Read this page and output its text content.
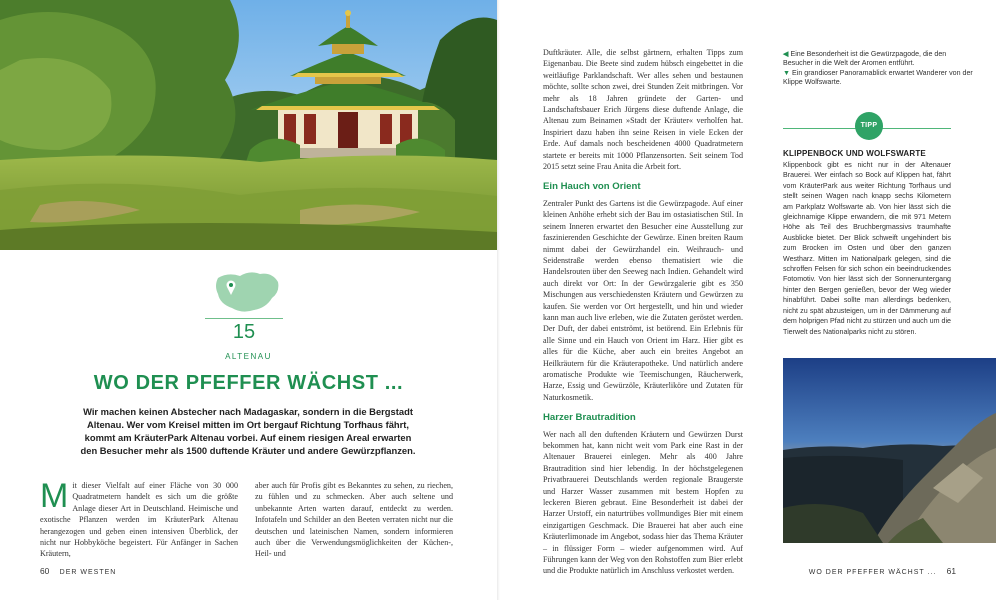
15
ALTENAU
WO DER PFEFFER WÄCHST ...
Wir machen keinen Abstecher nach Madagaskar, sondern in die Bergstadt Altenau. Wer vom Kreisel mitten im Ort bergauf Richtung Torfhaus fährt, kommt am KräuterPark Altenau vorbei. Auf einem riesigen Areal erwarten den Besucher mehr als 1500 duftende Kräuter und andere Gewürzpflanzen.

Mit dieser Vielfalt auf einer Fläche von 30 000 Quadratmetern handelt es sich um die größte Anlage dieser Art in Deutschland. Heimische und exotische Pflanzen werden im KräuterPark Altenau herangezogen und geben einen intensiven Überblick, der nicht nur Hobbyköche begeistert. Für Anfänger in Sachen Kräutern,

aber auch für Profis gibt es Bekanntes zu sehen, zu riechen, zu fühlen und zu schmecken. Aber auch seltene und unbekannte Arten warten darauf, entdeckt zu werden. Infotafeln und Schilder an den Beeten verraten nicht nur die deutschen und lateinischen Namen, sondern informieren auch über die Verwendungsmöglichkeiten der Küchen-, Heil- und

60 DER WESTEN

Duftkräuter. Alle, die selbst gärtnern, erhalten Tipps zum Eigenanbau. Die Beete sind zudem hübsch eingebettet in die weitläufige Parklandschaft. Wer alles sehen und bestaunen möchte, sollte schon zwei, drei Stunden Zeit mitbringen. Vor mehr als 18 Jahren gründete der Garten- und Landschaftsbauer Erich Jürgens diese duftende Anlage, die Altenau zum Beinamen »Stadt der Kräuter« verholfen hat. Inspiriert dazu haben ihn seine Reisen in viele Ecken der Erde. Auf damals noch bescheidenen 4000 Quadratmetern startete er bereits mit 1000 Pflanzensorten. Seit seinem Tod 2015 setzt seine Frau Anita die Arbeit fort.

Ein Hauch von Orient

Zentraler Punkt des Gartens ist die Gewürzpagode. Auf einer kleinen Anhöhe erhebt sich der Bau im ostasiatischen Stil. In seinem Inneren erwartet den Besucher eine Ausstellung zur faszinierenden Geschichte der Gewürze. Einen breiten Raum nimmt dabei der Gewürzhandel ein. Weihrauch- und Seidenstraße werden ebenso thematisiert wie die Handelsrouten über den Seeweg nach Indien. Gehandelt wird auch direkt vor Ort: In der Gewürzgalerie gibt es 350 Mischungen aus verschiedensten Kräutern und Gewürzen zu kaufen. Sie werden vor Ort hergestellt, und hin und wieder kann man auch live erleben, wie die Zutaten geröstet werden. Der Duft, der dabei entströmt, ist betörend. Ein Erlebnis für alle Sinne und ein Hauch von Orient im Harz. Hier gibt es alles für die Küche, aber auch ein breites Angebot an Heilkräutern für die Kräuterapotheke. Und natürlich andere aromatische Produkte wie Teemischungen, Räucherwerk, Harze, Essig und Gewürzöle, Kräuterliköre und Zutaten für Naturkosmetik.

Harzer Brautradition

Wer nach all den duftenden Kräutern und Gewürzen Durst bekommen hat, kann nicht weit vom Park eine Rast in der Altenauer Brauerei einlegen. Mehr als 400 Jahre Brautradition sind hier lebendig. In der höchstgelegenen Privatbrauerei Deutschlands werden regionale Braugerste und Harzer Wasser zusammen mit bestem Hopfen zu leckeren Bieren gebraut. Eine Besonderheit ist dabei der Harzer Urstoff, ein naturtrübes vollmundiges Bier mit einem einzigartigen Geschmack. Die Brauerei hat aber auch eine Kräuterlimonade im Angebot, sodass hier das Thema Kräuter – in flüssiger Form – wieder aufgenommen wird. Auf Führungen kann der Weg von den Rohstoffen zum Bier erlebt und die Produkte natürlich im Anschluss verkostet werden.

◀ Eine Besonderheit ist die Gewürzpagode, die den Besucher in die Welt der Aromen entführt.
▼ Ein grandioser Panoramablick erwartet Wanderer von der Klippe Wolfswarte.
TIPP
KLIPPENBOCK UND WOLFSWARTE
Klippenbock gibt es nicht nur in der Altenauer Brauerei. Wer einfach so Bock auf Klippen hat, fährt vom KräuterPark aus weiter Richtung Torfhaus und stellt seinen Wagen nach knapp sechs Kilometern am Parkplatz Wolfswarte ab. Von hier lässt sich die gleichnamige Klippe erwandern, die mit 971 Metern Höhe als Teil des Bruchbergmassivs traumhafte Ausblicke bietet. Der Blick schweift ungehindert bis zum Brocken im Osten und über den ganzen Westharz. Mitten im Nationalpark gelegen, sind die schroffen Felsen für sich schon ein beeindruckendes Fotomotiv. Von hier lässt sich der Sonnenuntergang hinter den Bergen genießen, bevor der Weg wieder hinabführt. Dabei sollte man allerdings bedenken, nicht zu spät abzusteigen, um in der Dämmerung auf dem holprigen Pfad nicht zu stürzen und auch um die Tierwelt des Nationalparks nicht zu stören.
WO DER PFEFFER WÄCHST ... 61
